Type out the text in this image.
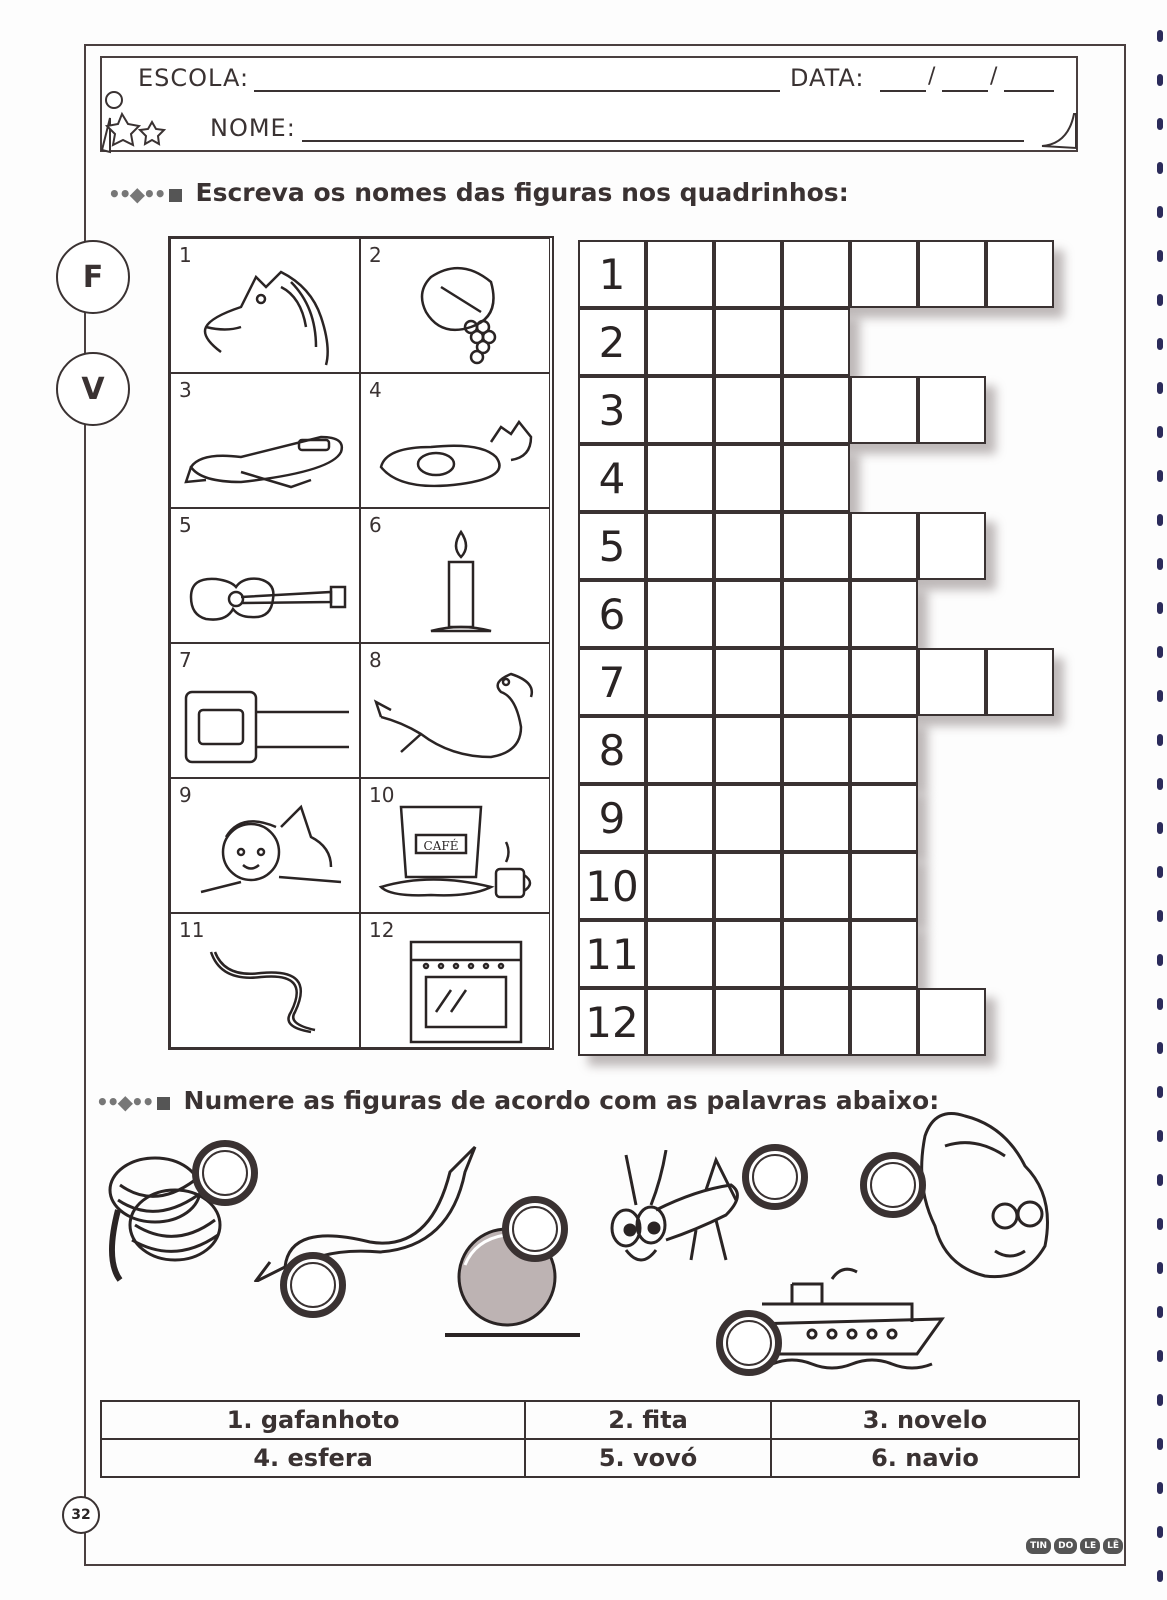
ESCOLA:	DATA:	/ /
NOME:
••◆•• Escreva os nomes das figuras nos quadrinhos:
F
V
1	2
3	4
5	6
7	8
9	10
CAFÉ
11	12
1
2
3
4
5
6
7
8
9
10
11
12
••◆•• Numere as figuras de acordo com as palavras abaixo:
1. gafanhoto	2. fita	3. novelo
4. esfera	5. vovó	6. navio
32
TIN	DO	LE	LÊ
